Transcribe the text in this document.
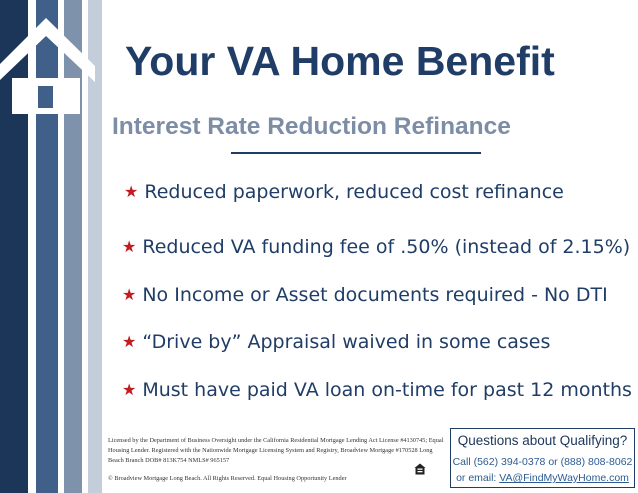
Your VA Home Benefit
Interest Rate Reduction Refinance
★ Reduced paperwork, reduced cost refinance
★ Reduced VA funding fee of .50% (instead of 2.15%)
★ No Income or Asset documents required - No DTI
★ “Drive by” Appraisal waived in some cases
★ Must have paid VA loan on-time for past 12 months
Licensed by the Department of Business Oversight under the California Residential Mortgage Lending Act License #4130745; Equal Housing Lender. Registered with the Nationwide Mortgage Licensing System and Registry, Broadview Mortgage #170528 Long Beach Branch DOB# 813K754 NMLS# 965157
© Broadview Mortgage Long Beach. All Rights Reserved. Equal Housing Opportunity Lender
Questions about Qualifying?
Call (562) 394-0378 or (888) 808-8062
or email: VA@FindMyWayHome.com
